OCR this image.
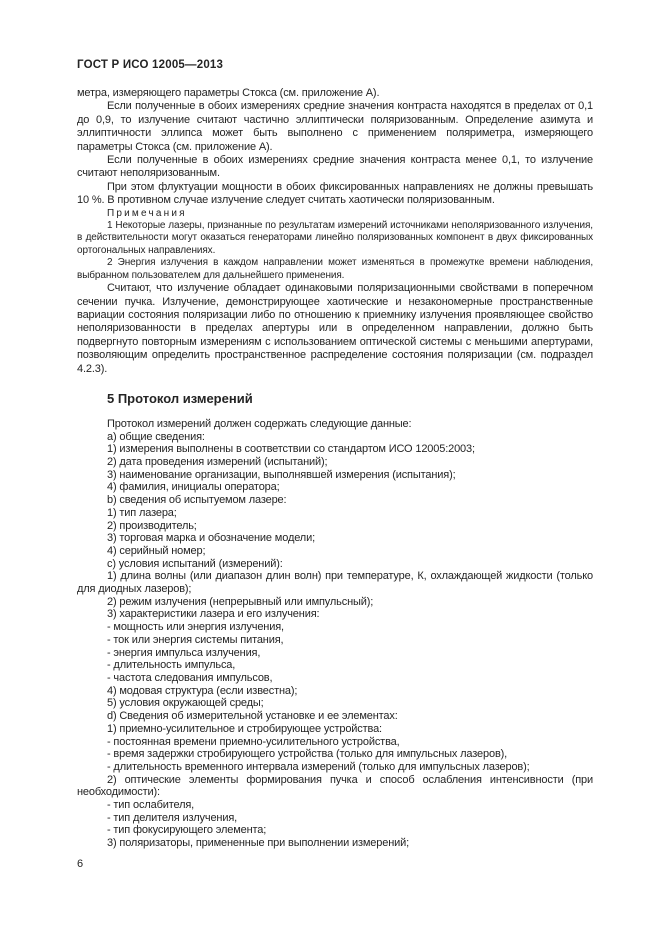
ГОСТ Р ИСО 12005—2013

метра, измеряющего параметры Стокса (см. приложение А).

Если полученные в обоих измерениях средние значения контраста находятся в пределах от 0,1 до 0,9, то излучение считают частично эллиптически поляризованным. Определение азимута и эллиптичности эллипса может быть выполнено с применением поляриметра, измеряющего параметры Стокса (см. приложение А).

Если полученные в обоих измерениях средние значения контраста менее 0,1, то излучение считают неполяризованным.

При этом флуктуации мощности в обоих фиксированных направлениях не должны превышать 10 %. В противном случае излучение следует считать хаотически поляризованным.

Примечания

1 Некоторые лазеры, признанные по результатам измерений источниками неполяризованного излучения, в действительности могут оказаться генераторами линейно поляризованных компонент в двух фиксированных ортогональных направлениях.

2 Энергия излучения в каждом направлении может изменяться в промежутке времени наблюдения, выбранном пользователем для дальнейшего применения.

Считают, что излучение обладает одинаковыми поляризационными свойствами в поперечном сечении пучка. Излучение, демонстрирующее хаотические и незакономерные пространственные вариации состояния поляризации либо по отношению к приемнику излучения проявляющее свойство неполяризованности в пределах апертуры или в определенном направлении, должно быть подвергнуто повторным измерениям с использованием оптической системы с меньшими апертурами, позволяющим определить пространственное распределение состояния поляризации (см. подраздел 4.2.3).

5 Протокол измерений

Протокол измерений должен содержать следующие данные:

a) общие сведения:

1) измерения выполнены в соответствии со стандартом ИСО 12005:2003;

2) дата проведения измерений (испытаний);

3) наименование организации, выполнявшей измерения (испытания);

4) фамилия, инициалы оператора;

b) сведения об испытуемом лазере:

1) тип лазера;

2) производитель;

3) торговая марка и обозначение модели;

4) серийный номер;

c) условия испытаний (измерений):

1) длина волны (или диапазон длин волн) при температуре, К, охлаждающей жидкости (только для диодных лазеров);

2) режим излучения (непрерывный или импульсный);

3) характеристики лазера и его излучения:

- мощность или энергия излучения,

- ток или энергия системы питания,

- энергия импульса излучения,

- длительность импульса,

- частота следования импульсов,

4) модовая структура (если известна);

5) условия окружающей среды;

d) Сведения об измерительной установке и ее элементах:

1) приемно-усилительное и стробирующее устройства:

- постоянная времени приемно-усилительного устройства,

- время задержки стробирующего устройства (только для импульсных лазеров),

- длительность временного интервала измерений (только для импульсных лазеров);

2) оптические элементы формирования пучка и способ ослабления интенсивности (при необходимости):

- тип ослабителя,

- тип делителя излучения,

- тип фокусирующего элемента;

3) поляризаторы, примененные при выполнении измерений;

6
